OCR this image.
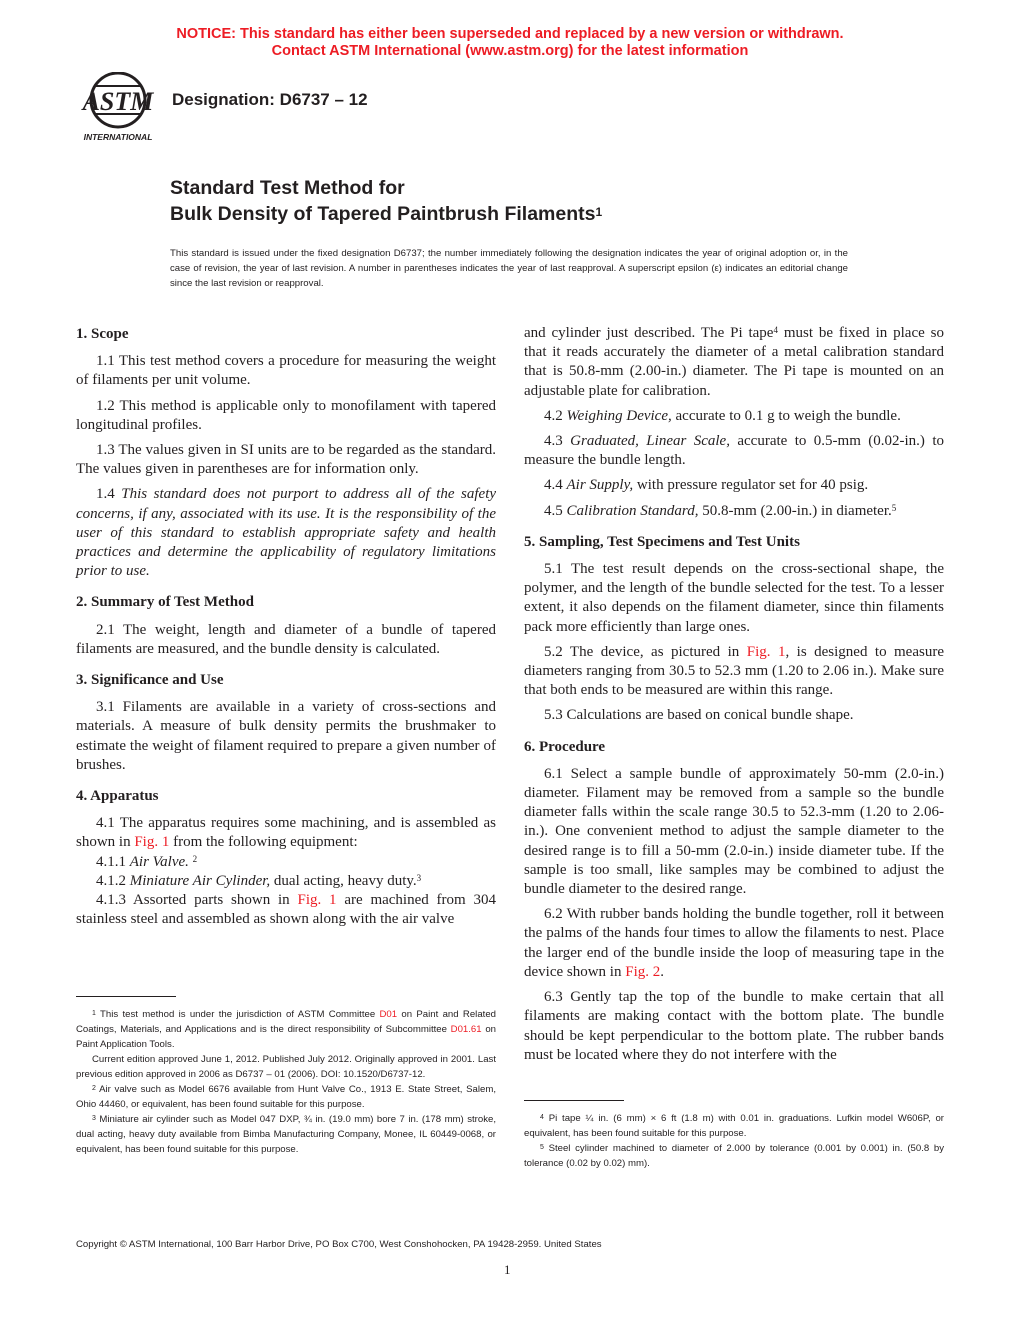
NOTICE: This standard has either been superseded and replaced by a new version or withdrawn.
Contact ASTM International (www.astm.org) for the latest information
ASTM
INTERNATIONAL
Designation: D6737 – 12
Standard Test Method for
Bulk Density of Tapered Paintbrush Filaments$^1$
This standard is issued under the fixed designation D6737; the number immediately following the designation indicates the year of original adoption or, in the case of revision, the year of last revision. A number in parentheses indicates the year of last reapproval. A superscript epsilon (ε) indicates an editorial change since the last revision or reapproval.
1. Scope

1.1 This test method covers a procedure for measuring the weight of filaments per unit volume.

1.2 This method is applicable only to monofilament with tapered longitudinal profiles.

1.3 The values given in SI units are to be regarded as the standard. The values given in parentheses are for information only.

1.4 This standard does not purport to address all of the safety concerns, if any, associated with its use. It is the responsibility of the user of this standard to establish appropriate safety and health practices and determine the applicability of regulatory limitations prior to use.

2. Summary of Test Method

2.1 The weight, length and diameter of a bundle of tapered filaments are measured, and the bundle density is calculated.

3. Significance and Use

3.1 Filaments are available in a variety of cross-sections and materials. A measure of bulk density permits the brushmaker to estimate the weight of filament required to prepare a given number of brushes.

4. Apparatus

4.1 The apparatus requires some machining, and is assembled as shown in Fig. 1 from the following equipment:

4.1.1 Air Valve. $^2$

4.1.2 Miniature Air Cylinder, dual acting, heavy duty.$^3$

4.1.3 Assorted parts shown in Fig. 1 are machined from 304 stainless steel and assembled as shown along with the air valve

and cylinder just described. The Pi tape$^4$ must be fixed in place so that it reads accurately the diameter of a metal calibration standard that is 50.8-mm (2.00-in.) diameter. The Pi tape is mounted on an adjustable plate for calibration.

4.2 Weighing Device, accurate to 0.1 g to weigh the bundle.

4.3 Graduated, Linear Scale, accurate to 0.5-mm (0.02-in.) to measure the bundle length.

4.4 Air Supply, with pressure regulator set for 40 psig.

4.5 Calibration Standard, 50.8-mm (2.00-in.) in diameter.$^5$

5. Sampling, Test Specimens and Test Units

5.1 The test result depends on the cross-sectional shape, the polymer, and the length of the bundle selected for the test. To a lesser extent, it also depends on the filament diameter, since thin filaments pack more efficiently than large ones.

5.2 The device, as pictured in Fig. 1, is designed to measure diameters ranging from 30.5 to 52.3 mm (1.20 to 2.06 in.). Make sure that both ends to be measured are within this range.

5.3 Calculations are based on conical bundle shape.

6. Procedure

6.1 Select a sample bundle of approximately 50-mm (2.0-in.) diameter. Filament may be removed from a sample so the bundle diameter falls within the scale range 30.5 to 52.3-mm (1.20 to 2.06-in.). One convenient method to adjust the sample diameter to the desired range is to fill a 50-mm (2.0-in.) inside diameter tube. If the sample is too small, like samples may be combined to adjust the bundle diameter to the desired range.

6.2 With rubber bands holding the bundle together, roll it between the palms of the hands four times to allow the filaments to nest. Place the larger end of the bundle inside the loop of measuring tape in the device shown in Fig. 2.

6.3 Gently tap the top of the bundle to make certain that all filaments are making contact with the bottom plate. The bundle should be kept perpendicular to the bottom plate. The rubber bands must be located where they do not interfere with the

$^1$ This test method is under the jurisdiction of ASTM Committee D01 on Paint and Related Coatings, Materials, and Applications and is the direct responsibility of Subcommittee D01.61 on Paint Application Tools.

Current edition approved June 1, 2012. Published July 2012. Originally approved in 2001. Last previous edition approved in 2006 as D6737 – 01 (2006). DOI: 10.1520/D6737-12.

$^2$ Air valve such as Model 6676 available from Hunt Valve Co., 1913 E. State Street, Salem, Ohio 44460, or equivalent, has been found suitable for this purpose.

$^3$ Miniature air cylinder such as Model 047 DXP, ¾ in. (19.0 mm) bore 7 in. (178 mm) stroke, dual acting, heavy duty available from Bimba Manufacturing Company, Monee, IL 60449-0068, or equivalent, has been found suitable for this purpose.

$^4$ Pi tape ¼ in. (6 mm) × 6 ft (1.8 m) with 0.01 in. graduations. Lufkin model W606P, or equivalent, has been found suitable for this purpose.

$^5$ Steel cylinder machined to diameter of 2.000 by tolerance (0.001 by 0.001) in. (50.8 by tolerance (0.02 by 0.02) mm).

Copyright © ASTM International, 100 Barr Harbor Drive, PO Box C700, West Conshohocken, PA 19428-2959. United States
1
